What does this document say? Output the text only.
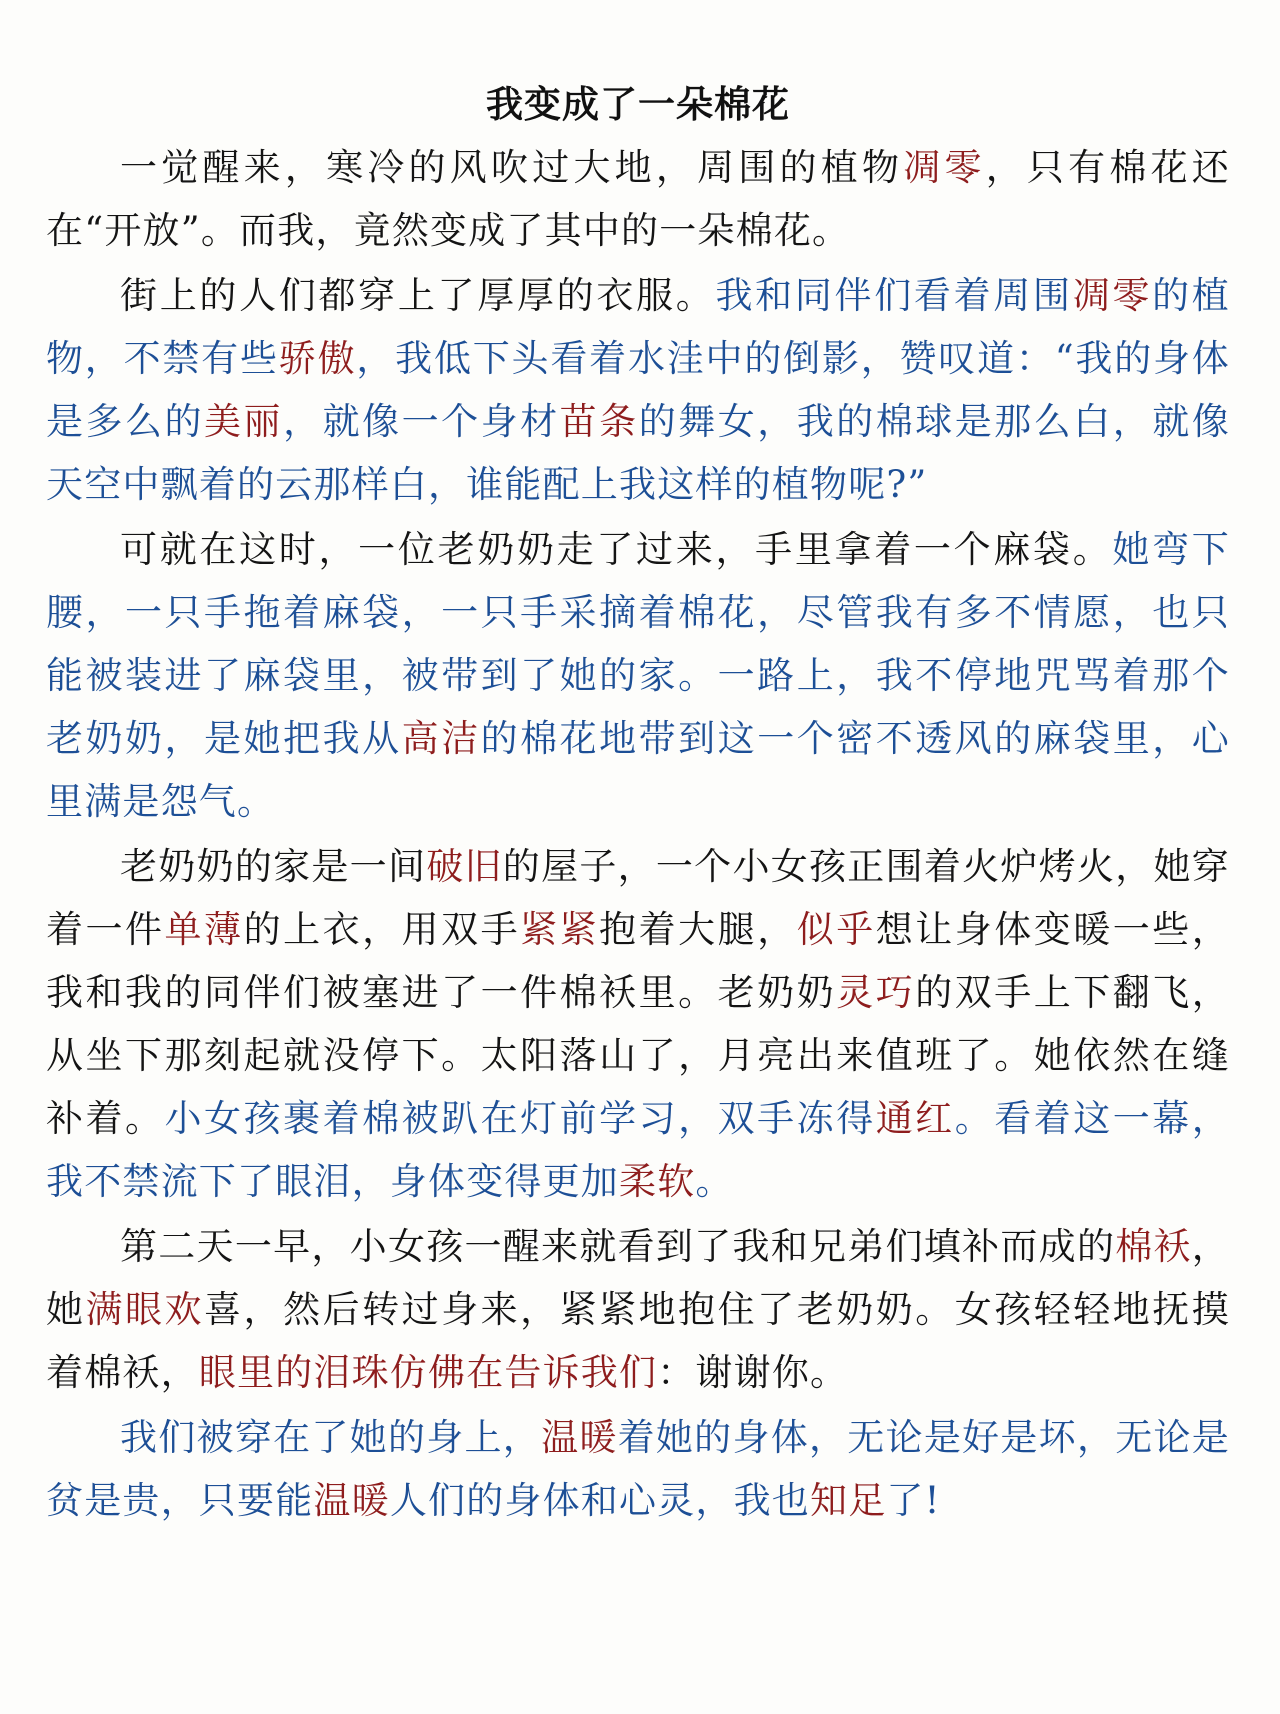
我变成了一朵棉花

一觉醒来，寒冷的风吹过大地，周围的植物凋零，只有棉花还在“开放”。而我，竟然变成了其中的一朵棉花。

街上的人们都穿上了厚厚的衣服。我和同伴们看着周围凋零的植物，不禁有些骄傲，我低下头看着水洼中的倒影，赞叹道：“我的身体是多么的美丽，就像一个身材苗条的舞女，我的棉球是那么白，就像天空中飘着的云那样白，谁能配上我这样的植物呢?”

可就在这时，一位老奶奶走了过来，手里拿着一个麻袋。她弯下腰，一只手拖着麻袋，一只手采摘着棉花，尽管我有多不情愿，也只能被装进了麻袋里，被带到了她的家。一路上，我不停地咒骂着那个老奶奶，是她把我从高洁的棉花地带到这一个密不透风的麻袋里，心里满是怨气。

老奶奶的家是一间破旧的屋子，一个小女孩正围着火炉烤火，她穿着一件单薄的上衣，用双手紧紧抱着大腿，似乎想让身体变暖一些，我和我的同伴们被塞进了一件棉袄里。老奶奶灵巧的双手上下翻飞，从坐下那刻起就没停下。太阳落山了，月亮出来值班了。她依然在缝补着。小女孩裹着棉被趴在灯前学习，双手冻得通红。看着这一幕，我不禁流下了眼泪，身体变得更加柔软。

第二天一早，小女孩一醒来就看到了我和兄弟们填补而成的棉袄，她满眼欢喜，然后转过身来，紧紧地抱住了老奶奶。女孩轻轻地抚摸着棉袄，眼里的泪珠仿佛在告诉我们：谢谢你。

我们被穿在了她的身上，温暖着她的身体，无论是好是坏，无论是贫是贵，只要能温暖人们的身体和心灵，我也知足了!
